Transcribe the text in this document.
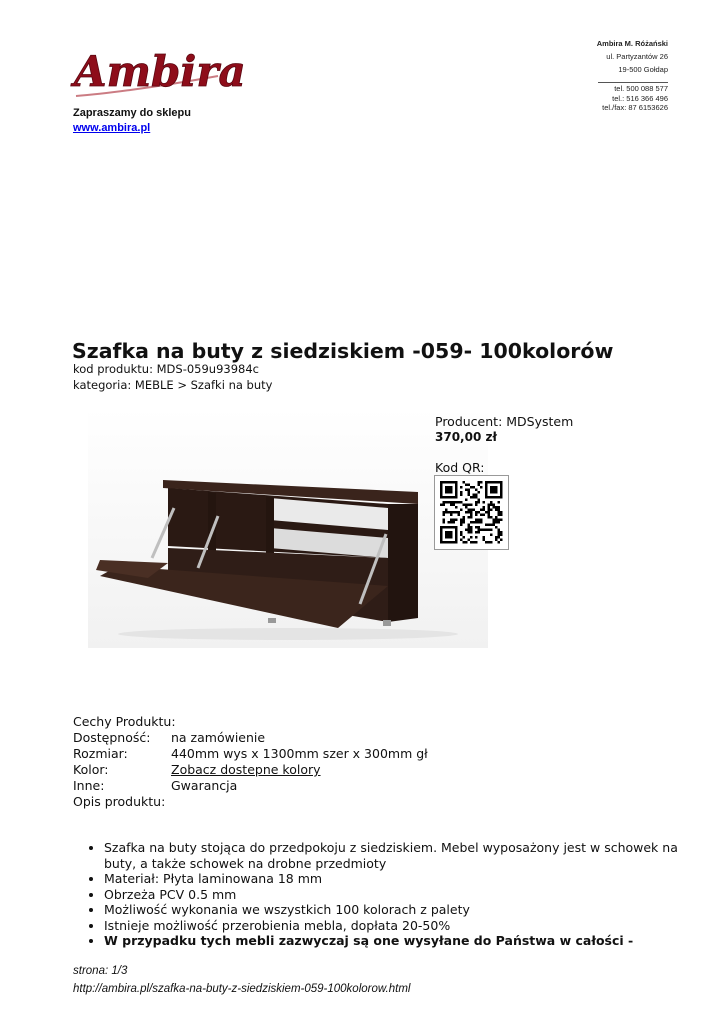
Ambira
Zapraszamy do sklepu
www.ambira.pl
Ambira M. Różański
ul. Partyzantów 26
19-500 Gołdap
tel. 500 088 577
tel.: 516 366 496
tel./fax: 87 6153626
Szafka na buty z siedziskiem -059- 100kolorów
kod produktu: MDS-059u93984c
kategoria: MEBLE > Szafki na buty
Producent: MDSystem
370,00 zł
Kod QR:
Cechy Produktu:
Dostępność:	na zamówienie
Rozmiar:	440mm wys x 1300mm szer x 300mm gł
Kolor:	Zobacz dostepne kolory
Inne:	Gwarancja
Opis produktu:
• Szafka na buty stojąca do przedpokoju z siedziskiem. Mebel wyposażony jest w schowek na buty, a także schowek na drobne przedmioty
• Materiał: Płyta laminowana 18 mm
• Obrzeża PCV 0.5 mm
• Możliwość wykonania we wszystkich 100 kolorach z palety
• Istnieje możliwość przerobienia mebla, dopłata 20-50%
• W przypadku tych mebli zazwyczaj są one wysyłane do Państwa w całości -
strona: 1/3
http://ambira.pl/szafka-na-buty-z-siedziskiem-059-100kolorow.html
